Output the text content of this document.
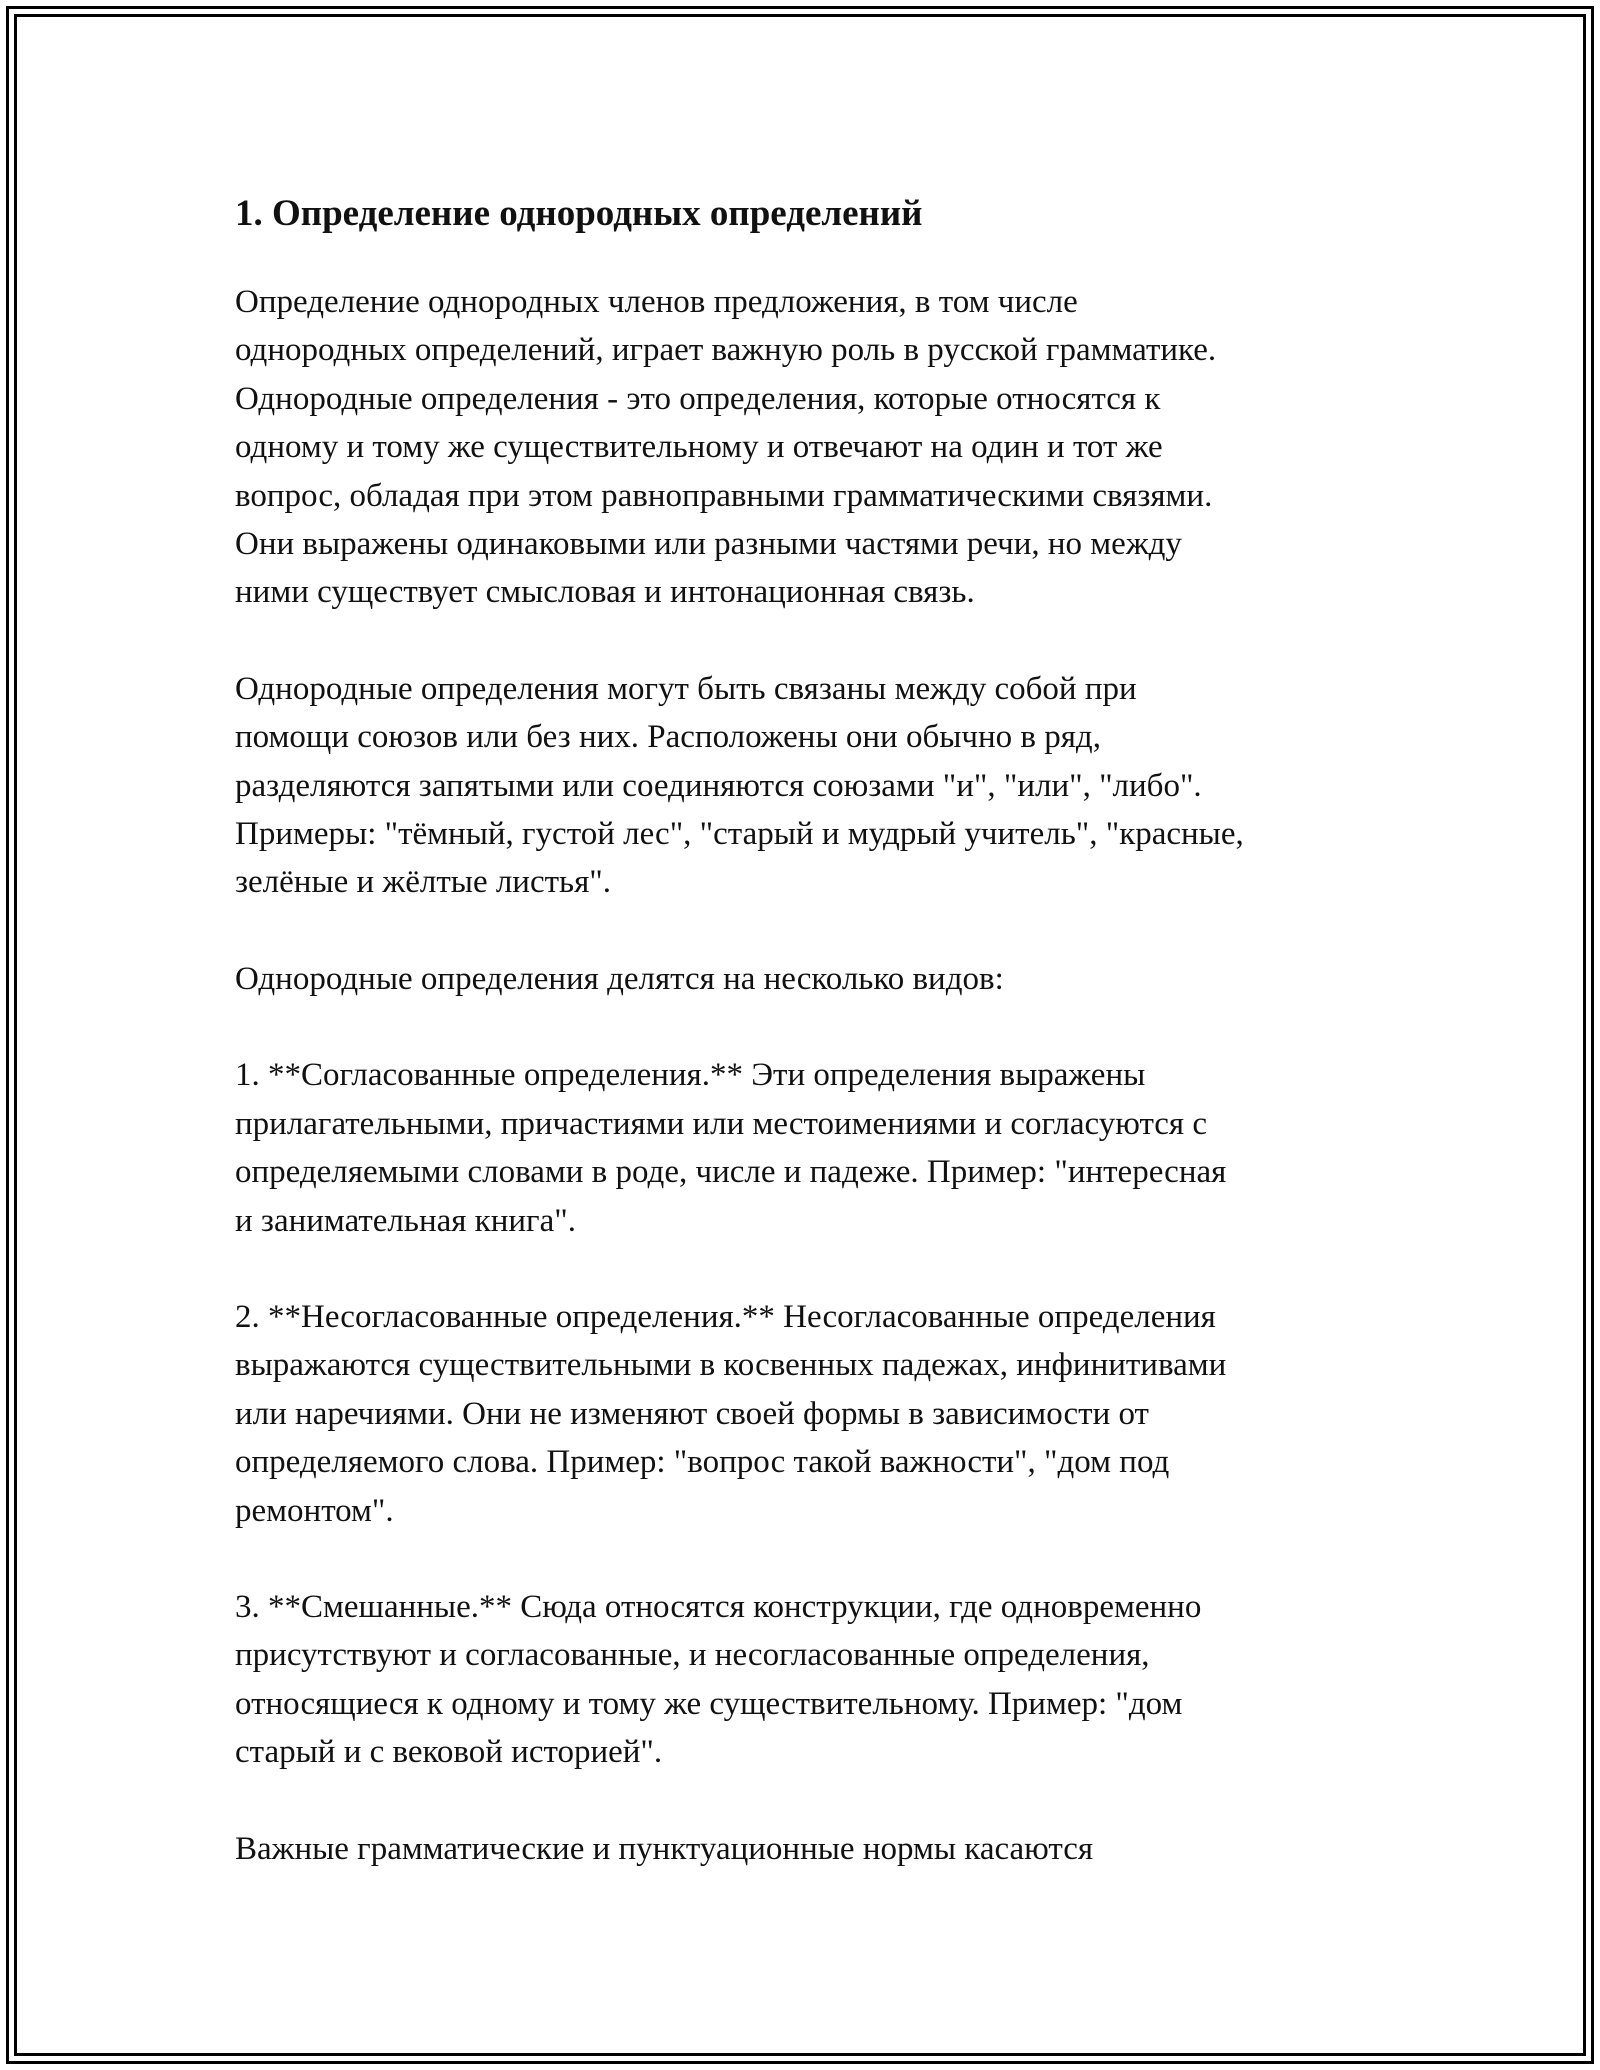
1. Определение однородных определений

Определение однородных членов предложения, в том числе
однородных определений, играет важную роль в русской грамматике.
Однородные определения - это определения, которые относятся к
одному и тому же существительному и отвечают на один и тот же
вопрос, обладая при этом равноправными грамматическими связями.
Они выражены одинаковыми или разными частями речи, но между
ними существует смысловая и интонационная связь.

Однородные определения могут быть связаны между собой при
помощи союзов или без них. Расположены они обычно в ряд,
разделяются запятыми или соединяются союзами "и", "или", "либо".
Примеры: "тёмный, густой лес", "старый и мудрый учитель", "красные,
зелёные и жёлтые листья".

Однородные определения делятся на несколько видов:

1. **Согласованные определения.** Эти определения выражены
прилагательными, причастиями или местоимениями и согласуются с
определяемыми словами в роде, числе и падеже. Пример: "интересная
и занимательная книга".

2. **Несогласованные определения.** Несогласованные определения
выражаются существительными в косвенных падежах, инфинитивами
или наречиями. Они не изменяют своей формы в зависимости от
определяемого слова. Пример: "вопрос такой важности", "дом под
ремонтом".

3. **Смешанные.** Сюда относятся конструкции, где одновременно
присутствуют и согласованные, и несогласованные определения,
относящиеся к одному и тому же существительному. Пример: "дом
старый и с вековой историей".

Важные грамматические и пунктуационные нормы касаются
